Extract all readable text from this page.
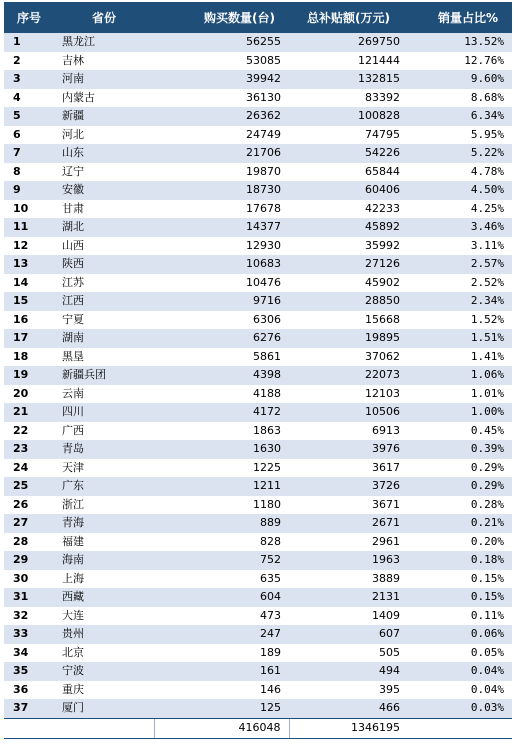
序号	省份	购买数量(台)	总补贴额(万元)	销量占比%
1	黑龙江	56255	269750	13.52%
2	吉林	53085	121444	12.76%
3	河南	39942	132815	9.60%
4	内蒙古	36130	83392	8.68%
5	新疆	26362	100828	6.34%
6	河北	24749	74795	5.95%
7	山东	21706	54226	5.22%
8	辽宁	19870	65844	4.78%
9	安徽	18730	60406	4.50%
10	甘肃	17678	42233	4.25%
11	湖北	14377	45892	3.46%
12	山西	12930	35992	3.11%
13	陕西	10683	27126	2.57%
14	江苏	10476	45902	2.52%
15	江西	9716	28850	2.34%
16	宁夏	6306	15668	1.52%
17	湖南	6276	19895	1.51%
18	黑垦	5861	37062	1.41%
19	新疆兵团	4398	22073	1.06%
20	云南	4188	12103	1.01%
21	四川	4172	10506	1.00%
22	广西	1863	6913	0.45%
23	青岛	1630	3976	0.39%
24	天津	1225	3617	0.29%
25	广东	1211	3726	0.29%
26	浙江	1180	3671	0.28%
27	青海	889	2671	0.21%
28	福建	828	2961	0.20%
29	海南	752	1963	0.18%
30	上海	635	3889	0.15%
31	西藏	604	2131	0.15%
32	大连	473	1409	0.11%
33	贵州	247	607	0.06%
34	北京	189	505	0.05%
35	宁波	161	494	0.04%
36	重庆	146	395	0.04%
37	厦门	125	466	0.03%
		416048	1346195	
